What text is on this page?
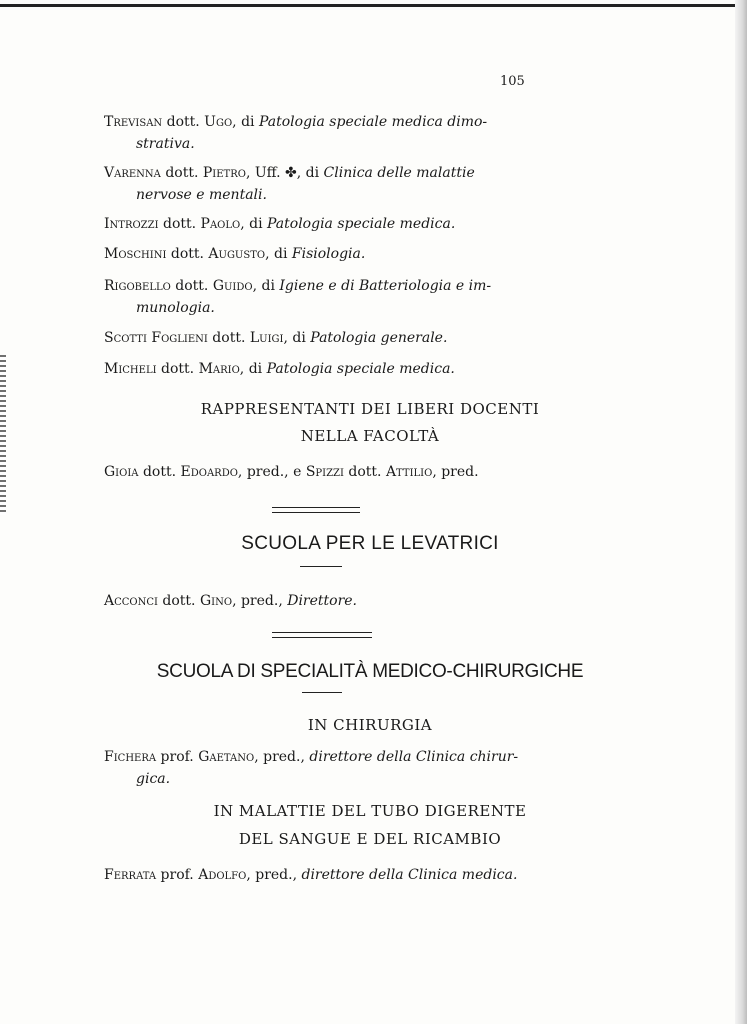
105

Trevisan dott. Ugo, di Patologia speciale medica dimo-
strativa.

Varenna dott. Pietro, Uff. ✤, di Clinica delle malattie
nervose e mentali.

Introzzi dott. Paolo, di Patologia speciale medica.

Moschini dott. Augusto, di Fisiologia.

Rigobello dott. Guido, di Igiene e di Batteriologia e im-
munologia.

Scotti Foglieni dott. Luigi, di Patologia generale.

Micheli dott. Mario, di Patologia speciale medica.

RAPPRESENTANTI DEI LIBERI DOCENTI

NELLA FACOLTÀ

Gioia dott. Edoardo, pred., e Spizzi dott. Attilio, pred.

SCUOLA PER LE LEVATRICI

Acconci dott. Gino, pred., Direttore.

SCUOLA DI SPECIALITÀ MEDICO-CHIRURGICHE

IN CHIRURGIA

Fichera prof. Gaetano, pred., direttore della Clinica chirur-
gica.

IN MALATTIE DEL TUBO DIGERENTE

DEL SANGUE E DEL RICAMBIO

Ferrata prof. Adolfo, pred., direttore della Clinica medica.
